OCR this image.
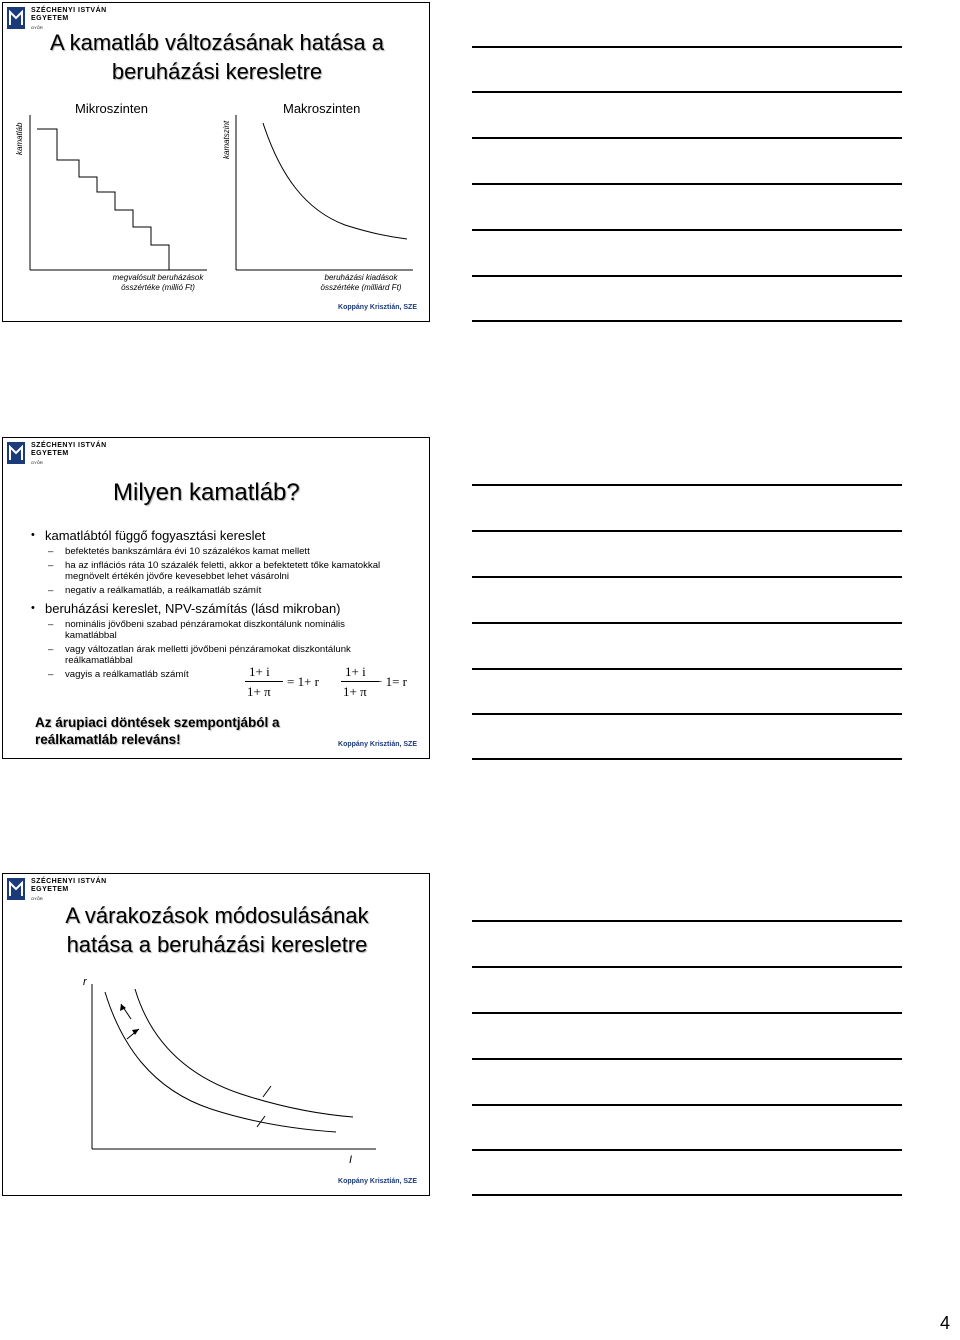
SZÉCHENYI ISTVÁN
EGYETEM
GYŐR
A kamatláb változásának hatása a
beruházási keresletre
Mikroszinten	Makroszinten
kamatláb	kamatszint
megvalósult beruházások
összértéke (millió Ft)
beruházási kiadások
összértéke (milliárd Ft)
Koppány Krisztián, SZE
SZÉCHENYI ISTVÁN
EGYETEM
GYŐR
Milyen kamatláb?
• kamatlábtól függő fogyasztási kereslet
– befektetés bankszámlára évi 10 százalékos kamat mellett
– ha az inflációs ráta 10 százalék feletti, akkor a befektetett tőke kamatokkal megnövelt értékén jövőre kevesebbet lehet vásárolni
– negatív a reálkamatláb, a reálkamatláb számít
• beruházási kereslet, NPV-számítás (lásd mikroban)
– nominális jövőbeni szabad pénzáramokat diszkontálunk nominális kamatlábbal
– vagy változatlan árak melletti jövőbeni pénzáramokat diszkontálunk reálkamatlábbal
– vagyis a reálkamatláb számít	1+ i
1+ π
= 1+ r
1+ i
1+ π
− 1= r
Az árupiaci döntések szempontjából a
reálkamatláb releváns!	Koppány Krisztián, SZE
SZÉCHENYI ISTVÁN
EGYETEM
GYŐR
A várakozások módosulásának
hatása a beruházási keresletre
r
I
Koppány Krisztián, SZE
4
